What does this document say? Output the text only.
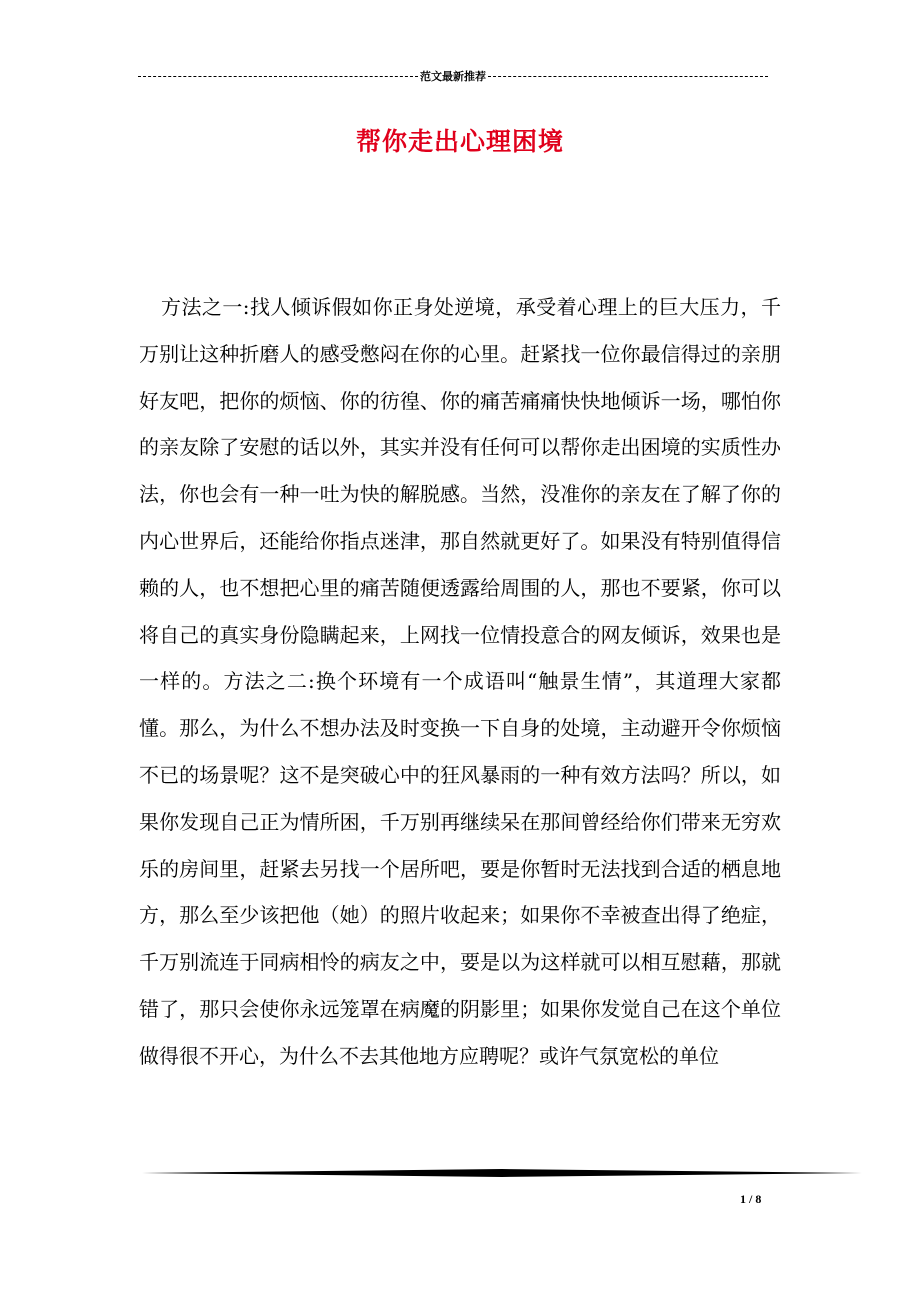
范文最新推荐
帮你走出心理困境

方法之一:找人倾诉假如你正身处逆境，承受着心理上的巨大压力，千万别让这种折磨人的感受憋闷在你的心里。赶紧找一位你最信得过的亲朋好友吧，把你的烦恼、你的彷徨、你的痛苦痛痛快快地倾诉一场，哪怕你的亲友除了安慰的话以外，其实并没有任何可以帮你走出困境的实质性办法，你也会有一种一吐为快的解脱感。当然，没准你的亲友在了解了你的内心世界后，还能给你指点迷津，那自然就更好了。如果没有特别值得信赖的人，也不想把心里的痛苦随便透露给周围的人，那也不要紧，你可以将自己的真实身份隐瞒起来，上网找一位情投意合的网友倾诉，效果也是一样的。方法之二:换个环境有一个成语叫“触景生情”，其道理大家都懂。那么，为什么不想办法及时变换一下自身的处境，主动避开令你烦恼不已的场景呢？这不是突破心中的狂风暴雨的一种有效方法吗？所以，如果你发现自己正为情所困，千万别再继续呆在那间曾经给你们带来无穷欢乐的房间里，赶紧去另找一个居所吧，要是你暂时无法找到合适的栖息地方，那么至少该把他（她）的照片收起来；如果你不幸被查出得了绝症，千万别流连于同病相怜的病友之中，要是以为这样就可以相互慰藉，那就错了，那只会使你永远笼罩在病魔的阴影里；如果你发觉自己在这个单位做得很不开心，为什么不去其他地方应聘呢？或许气氛宽松的单位

1 / 8
